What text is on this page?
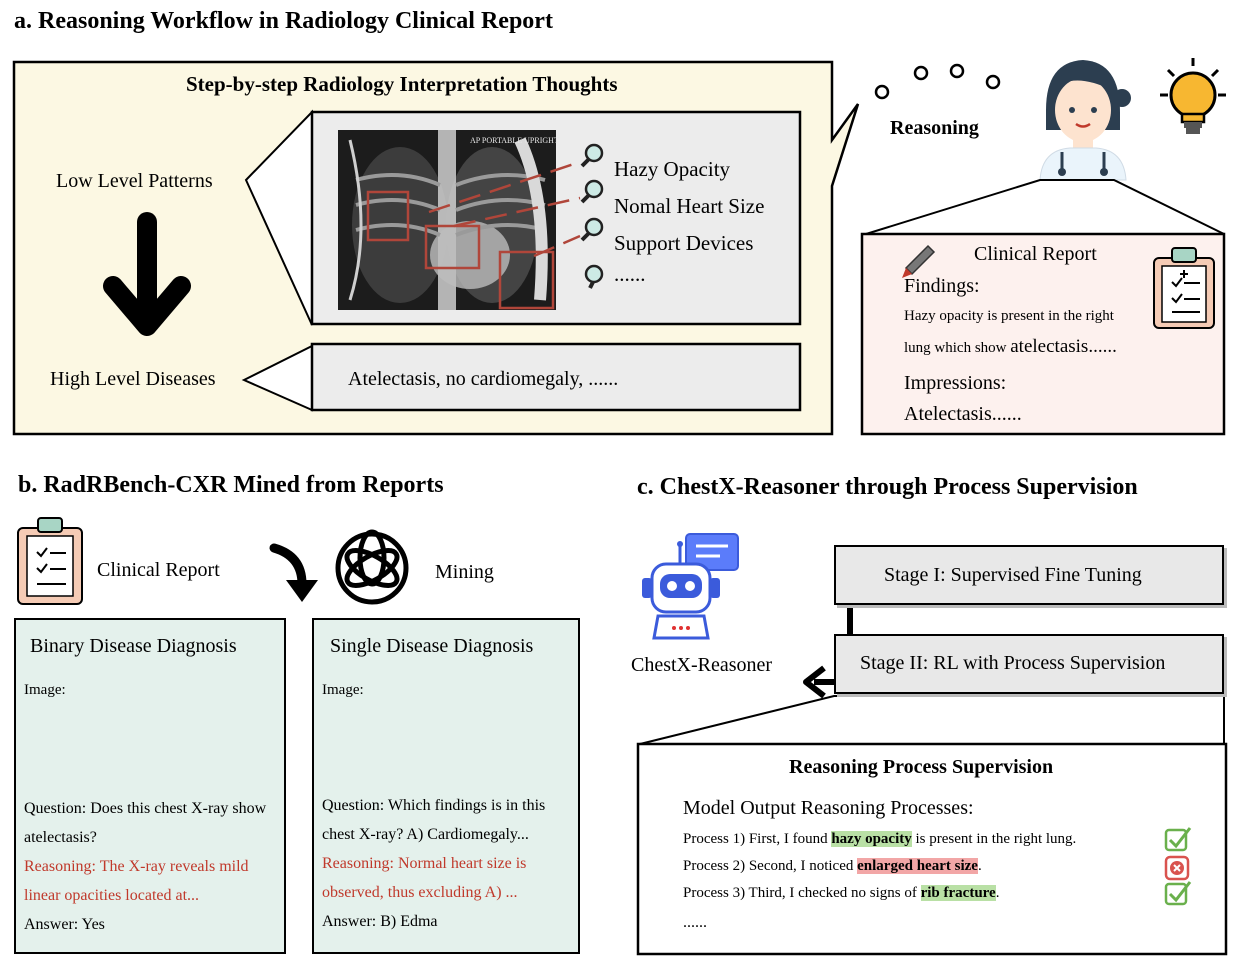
a. Reasoning Workflow in Radiology Clinical Report
Step-by-step Radiology Interpretation Thoughts
Low Level Patterns
High Level Diseases
AP PORTABLE UPRIGHT
Hazy Opacity
Nomal Heart Size
Support Devices
......
Atelectasis, no cardiomegaly, ......
Reasoning
Clinical Report
Findings:
Hazy opacity is present in the right
lung which show atelectasis......
Impressions:
Atelectasis......
b. RadRBench-CXR Mined from Reports
Clinical Report	Mining
Binary Disease Diagnosis
Image:
Question: Does this chest X-ray show atelectasis?
Reasoning: The X-ray reveals mild linear opacities located at...
Answer: Yes
Single Disease Diagnosis
Image:
Question: Which findings is in this chest X-ray? A) Cardiomegaly...
Reasoning: Normal heart size is observed, thus excluding A) ...
Answer: B) Edma
c. ChestX-Reasoner through Process Supervision
ChestX-Reasoner
Stage I: Supervised Fine Tuning
Stage II: RL with Process Supervision
Reasoning Process Supervision
Model Output Reasoning Processes:
Process 1) First, I found hazy opacity is present in the right lung.
Process 2) Second, I noticed enlarged heart size.
Process 3) Third, I checked no signs of rib fracture.
......
